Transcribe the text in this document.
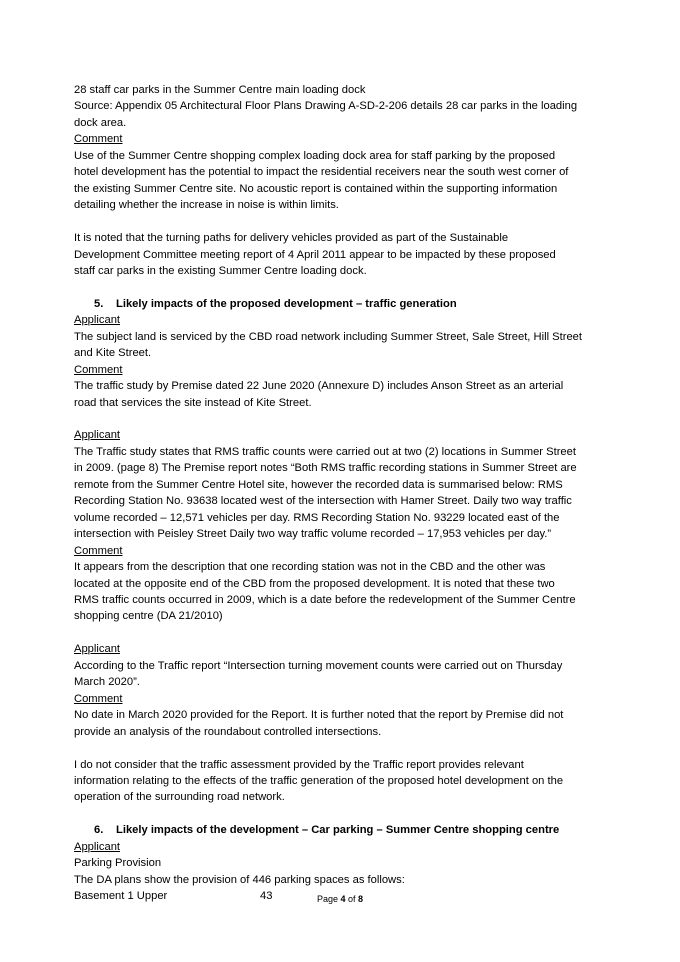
28 staff car parks in the Summer Centre main loading dock
Source: Appendix 05 Architectural Floor Plans Drawing A-SD-2-206 details 28 car parks in the loading
dock area.
Comment
Use of the Summer Centre shopping complex loading dock area for staff parking by the proposed
hotel development has the potential to impact the residential receivers near the south west corner of
the existing Summer Centre site. No acoustic report is contained within the supporting information
detailing whether the increase in noise is within limits.
It is noted that the turning paths for delivery vehicles provided as part of the Sustainable
Development Committee meeting report of 4 April 2011 appear to be impacted by these proposed
staff car parks in the existing Summer Centre loading dock.
5. Likely impacts of the proposed development – traffic generation
Applicant
The subject land is serviced by the CBD road network including Summer Street, Sale Street, Hill Street
and Kite Street.
Comment
The traffic study by Premise dated 22 June 2020 (Annexure D) includes Anson Street as an arterial
road that services the site instead of Kite Street.
Applicant
The Traffic study states that RMS traffic counts were carried out at two (2) locations in Summer Street
in 2009. (page 8) The Premise report notes “Both RMS traffic recording stations in Summer Street are
remote from the Summer Centre Hotel site, however the recorded data is summarised below: RMS
Recording Station No. 93638 located west of the intersection with Hamer Street. Daily two way traffic
volume recorded – 12,571 vehicles per day. RMS Recording Station No. 93229 located east of the
intersection with Peisley Street Daily two way traffic volume recorded – 17,953 vehicles per day.”
Comment
It appears from the description that one recording station was not in the CBD and the other was
located at the opposite end of the CBD from the proposed development. It is noted that these two
RMS traffic counts occurred in 2009, which is a date before the redevelopment of the Summer Centre
shopping centre (DA 21/2010)
Applicant
According to the Traffic report “Intersection turning movement counts were carried out on Thursday
March 2020”.
Comment
No date in March 2020 provided for the Report. It is further noted that the report by Premise did not
provide an analysis of the roundabout controlled intersections.
I do not consider that the traffic assessment provided by the Traffic report provides relevant
information relating to the effects of the traffic generation of the proposed hotel development on the
operation of the surrounding road network.
6. Likely impacts of the development – Car parking – Summer Centre shopping centre
Applicant
Parking Provision
The DA plans show the provision of 446 parking spaces as follows:
Basement 1 Upper	43	Page 4 of 8
